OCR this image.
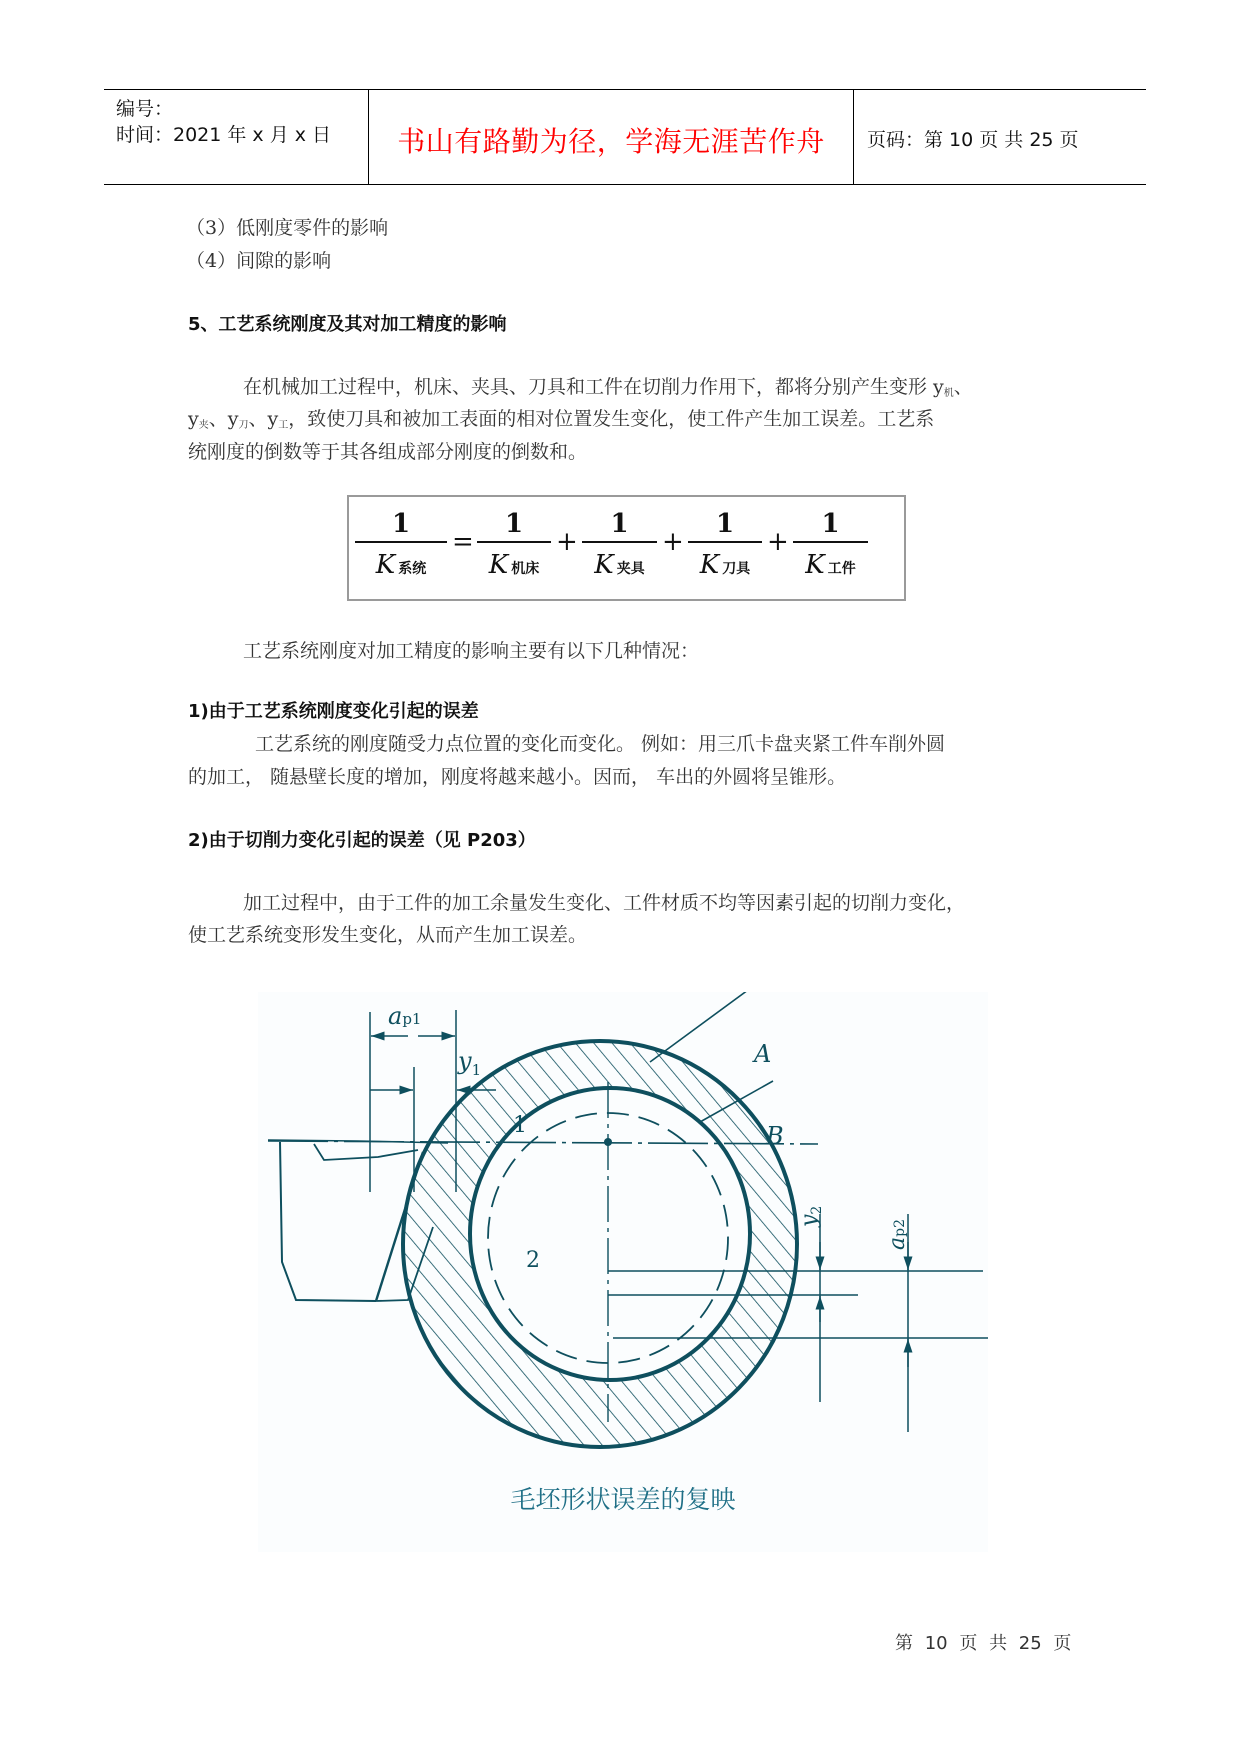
编号：
时间：2021 年 x 月 x 日	书山有路勤为径，学海无涯苦作舟	页码：第 10 页 共 25 页
（3）低刚度零件的影响
（4）间隙的影响
5、工艺系统刚度及其对加工精度的影响
在机械加工过程中，机床、夹具、刀具和工件在切削力作用下，都将分别产生变形 $y_机$、
$y_夹$、$y_刀$、$y_工$，致使刀具和被加工表面的相对位置发生变化，使工件产生加工误差。工艺系
统刚度的倒数等于其各组成部分刚度的倒数和。
1
K系统
=
1
K机床
+
1
K夹具
+
1
K刀具
+
1
K工件
工艺系统刚度对加工精度的影响主要有以下几种情况：
1)由于工艺系统刚度变化引起的误差
工艺系统的刚度随受力点位置的变化而变化。 例如：用三爪卡盘夹紧工件车削外圆
的加工， 随悬壁长度的增加，刚度将越来越小。因而， 车出的外圆将呈锥形。
2)由于切削力变化引起的误差（见 P203）
加工过程中，由于工件的加工余量发生变化、工件材质不均等因素引起的切削力变化，
使工艺系统变形发生变化，从而产生加工误差。
ap1
$y_1$
A
B
1
2
$y_2$
ap2
毛坯形状误差的复映
第 10 页 共 25 页
